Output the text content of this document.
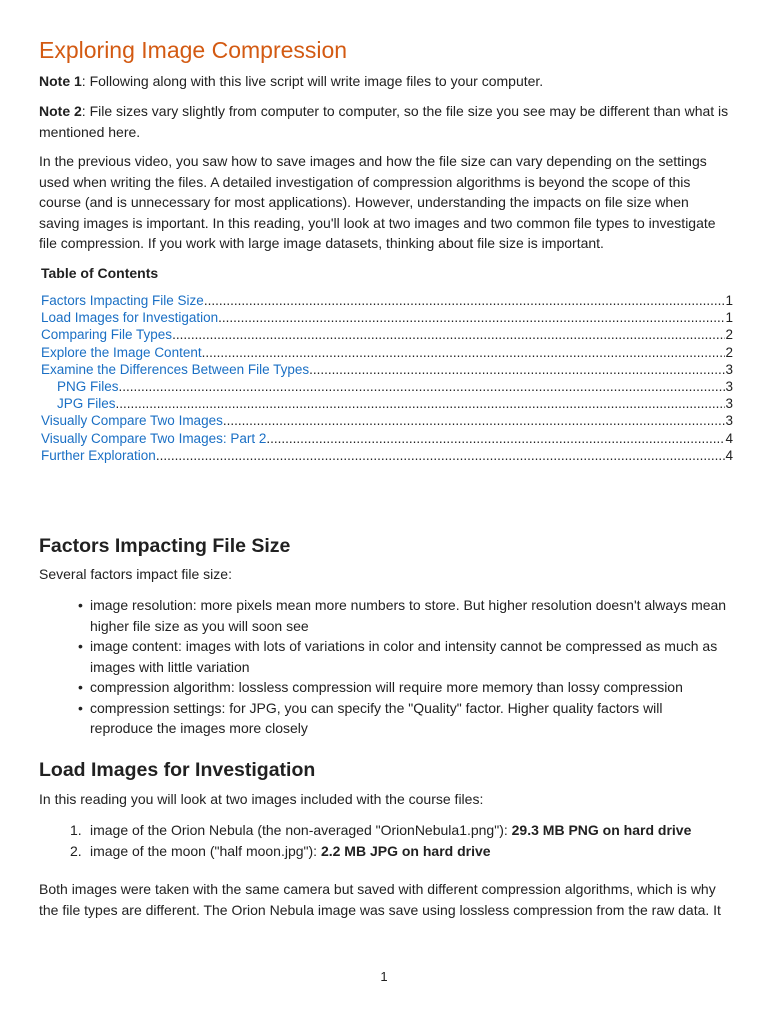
Exploring Image Compression

Note 1: Following along with this live script will write image files to your computer.

Note 2: File sizes vary slightly from computer to computer, so the file size you see may be different than what is mentioned here.

In the previous video, you saw how to save images and how the file size can vary depending on the settings used when writing the files. A detailed investigation of compression algorithms is beyond the scope of this course (and is unnecessary for most applications). However, understanding the impacts on file size when saving images is important. In this reading, you'll look at two images and two common file types to investigate file compression. If you work with large image datasets, thinking about file size is important.

Table of Contents
Factors Impacting File Size .....	1
Load Images for Investigation .....	1
Comparing File Types .....	2
Explore the Image Content .....	2
Examine the Differences Between File Types .....	3
PNG Files .....	3
JPG Files .....	3
Visually Compare Two Images .....	3
Visually Compare Two Images: Part 2 .....	4
Further Exploration .....	4
Factors Impacting File Size

Several factors impact file size:

• image resolution: more pixels mean more numbers to store. But higher resolution doesn't always mean higher file size as you will soon see
• image content: images with lots of variations in color and intensity cannot be compressed as much as images with little variation
• compression algorithm: lossless compression will require more memory than lossy compression
• compression settings: for JPG, you can specify the "Quality" factor. Higher quality factors will reproduce the images more closely
Load Images for Investigation

In this reading you will look at two images included with the course files:

1. image of the Orion Nebula (the non-averaged "OrionNebula1.png"): 29.3 MB PNG on hard drive
2. image of the moon ("half moon.jpg"): 2.2 MB JPG on hard drive

Both images were taken with the same camera but saved with different compression algorithms, which is why the file types are different. The Orion Nebula image was save using lossless compression from the raw data. It

1
